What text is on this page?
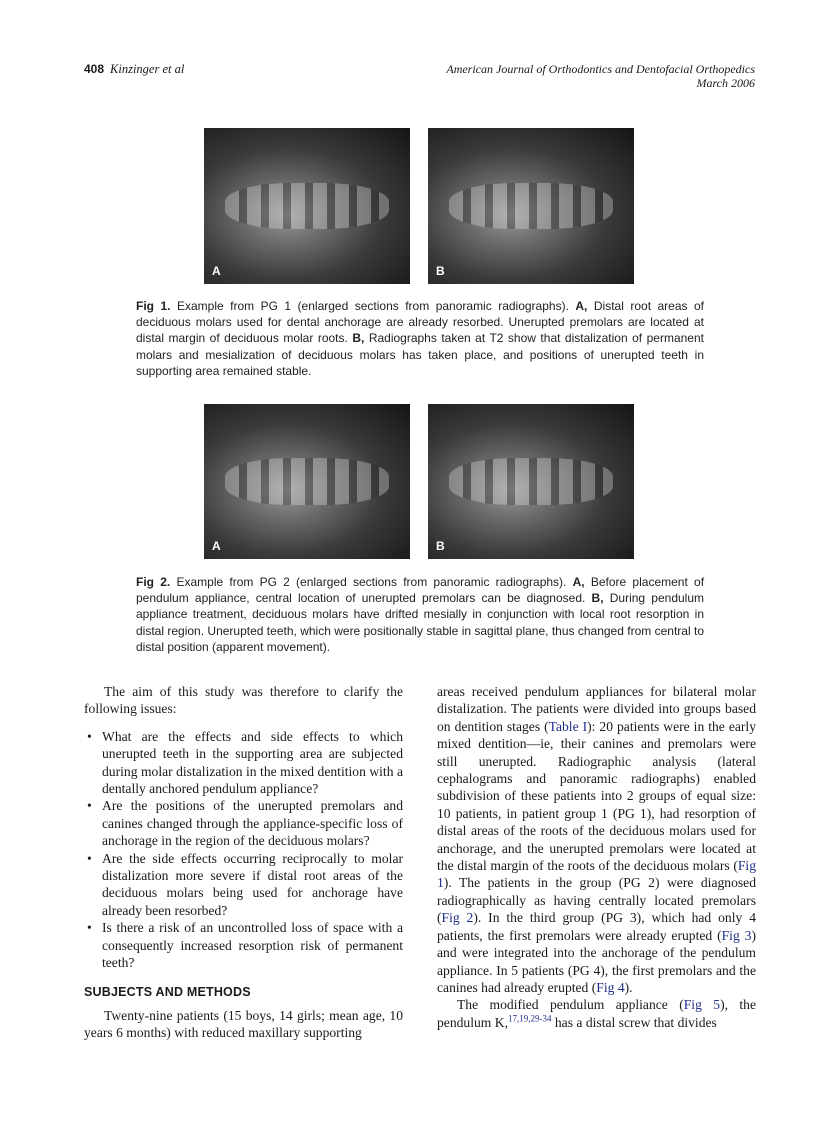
408 Kinzinger et al	American Journal of Orthodontics and Dentofacial Orthopedics
March 2006
A	B
Fig 1. Example from PG 1 (enlarged sections from panoramic radiographs). A, Distal root areas of deciduous molars used for dental anchorage are already resorbed. Unerupted premolars are located at distal margin of deciduous molar roots. B, Radiographs taken at T2 show that distalization of permanent molars and mesialization of deciduous molars has taken place, and positions of unerupted teeth in supporting area remained stable.
A	B
Fig 2. Example from PG 2 (enlarged sections from panoramic radiographs). A, Before placement of pendulum appliance, central location of unerupted premolars can be diagnosed. B, During pendulum appliance treatment, deciduous molars have drifted mesially in conjunction with local root resorption in distal region. Unerupted teeth, which were positionally stable in sagittal plane, thus changed from central to distal position (apparent movement).

The aim of this study was therefore to clarify the following issues:

• What are the effects and side effects to which unerupted teeth in the supporting area are subjected during molar distalization in the mixed dentition with a dentally anchored pendulum appliance?
• Are the positions of the unerupted premolars and canines changed through the appliance-specific loss of anchorage in the region of the deciduous molars?
• Are the side effects occurring reciprocally to molar distalization more severe if distal root areas of the deciduous molars being used for anchorage have already been resorbed?
• Is there a risk of an uncontrolled loss of space with a consequently increased resorption risk of permanent teeth?
SUBJECTS AND METHODS

Twenty-nine patients (15 boys, 14 girls; mean age, 10 years 6 months) with reduced maxillary supporting

areas received pendulum appliances for bilateral molar distalization. The patients were divided into groups based on dentition stages (Table I): 20 patients were in the early mixed dentition—ie, their canines and premolars were still unerupted. Radiographic analysis (lateral cephalograms and panoramic radiographs) enabled subdivision of these patients into 2 groups of equal size: 10 patients, in patient group 1 (PG 1), had resorption of distal areas of the roots of the deciduous molars used for anchorage, and the unerupted premolars were located at the distal margin of the roots of the deciduous molars (Fig 1). The patients in the group (PG 2) were diagnosed radiographically as having centrally located premolars (Fig 2). In the third group (PG 3), which had only 4 patients, the first premolars were already erupted (Fig 3) and were integrated into the anchorage of the pendulum appliance. In 5 patients (PG 4), the first premolars and the canines had already erupted (Fig 4).

The modified pendulum appliance (Fig 5), the pendulum K,$^{17,19,29-34}$ has a distal screw that divides
